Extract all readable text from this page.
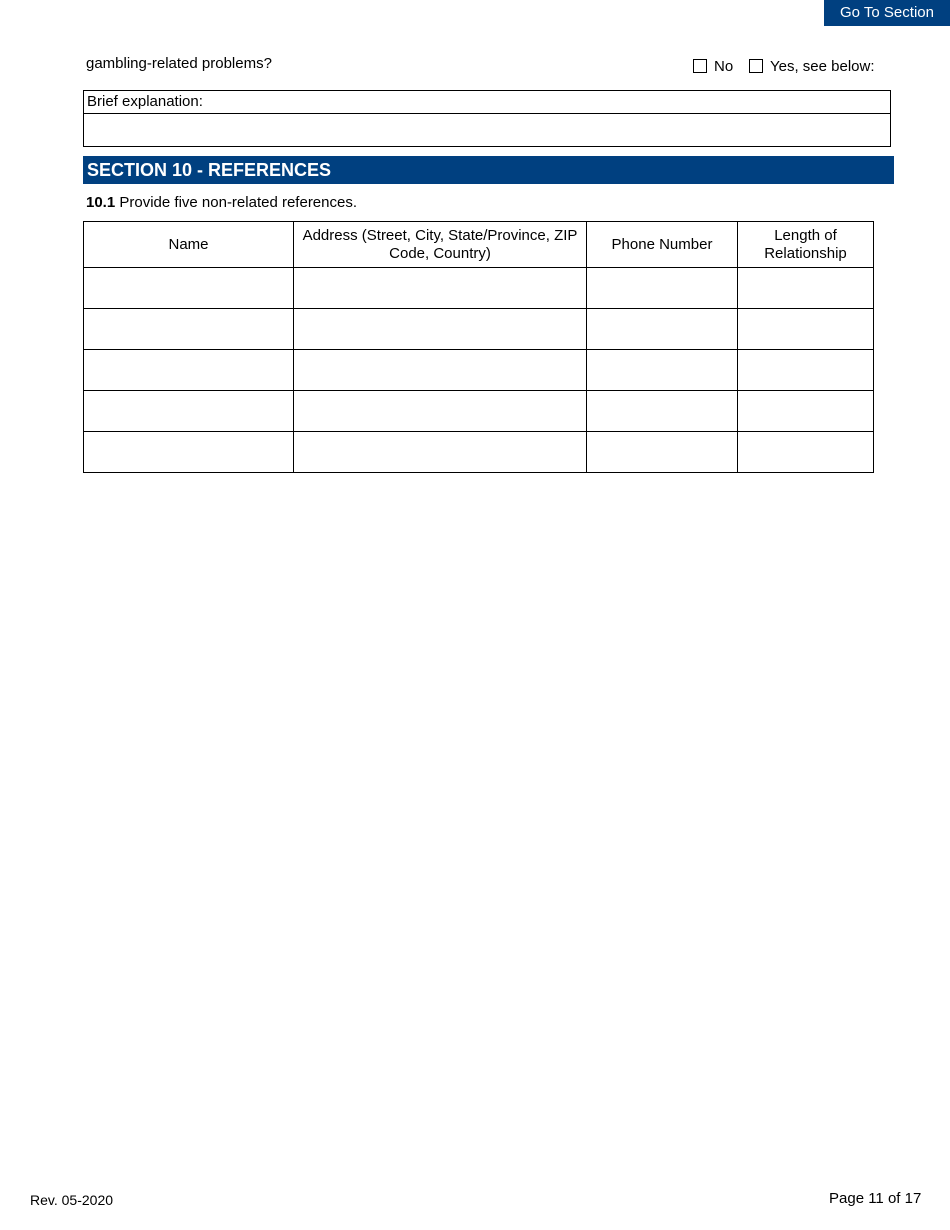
Go To Section
gambling-related problems?	No Yes, see below:
Brief explanation:
SECTION 10 - REFERENCES
10.1 Provide five non-related references.
Name	Address (Street, City, State/Province, ZIP Code, Country)	Phone Number	Length of Relationship

Rev. 05-2020	Page 11 of 17
